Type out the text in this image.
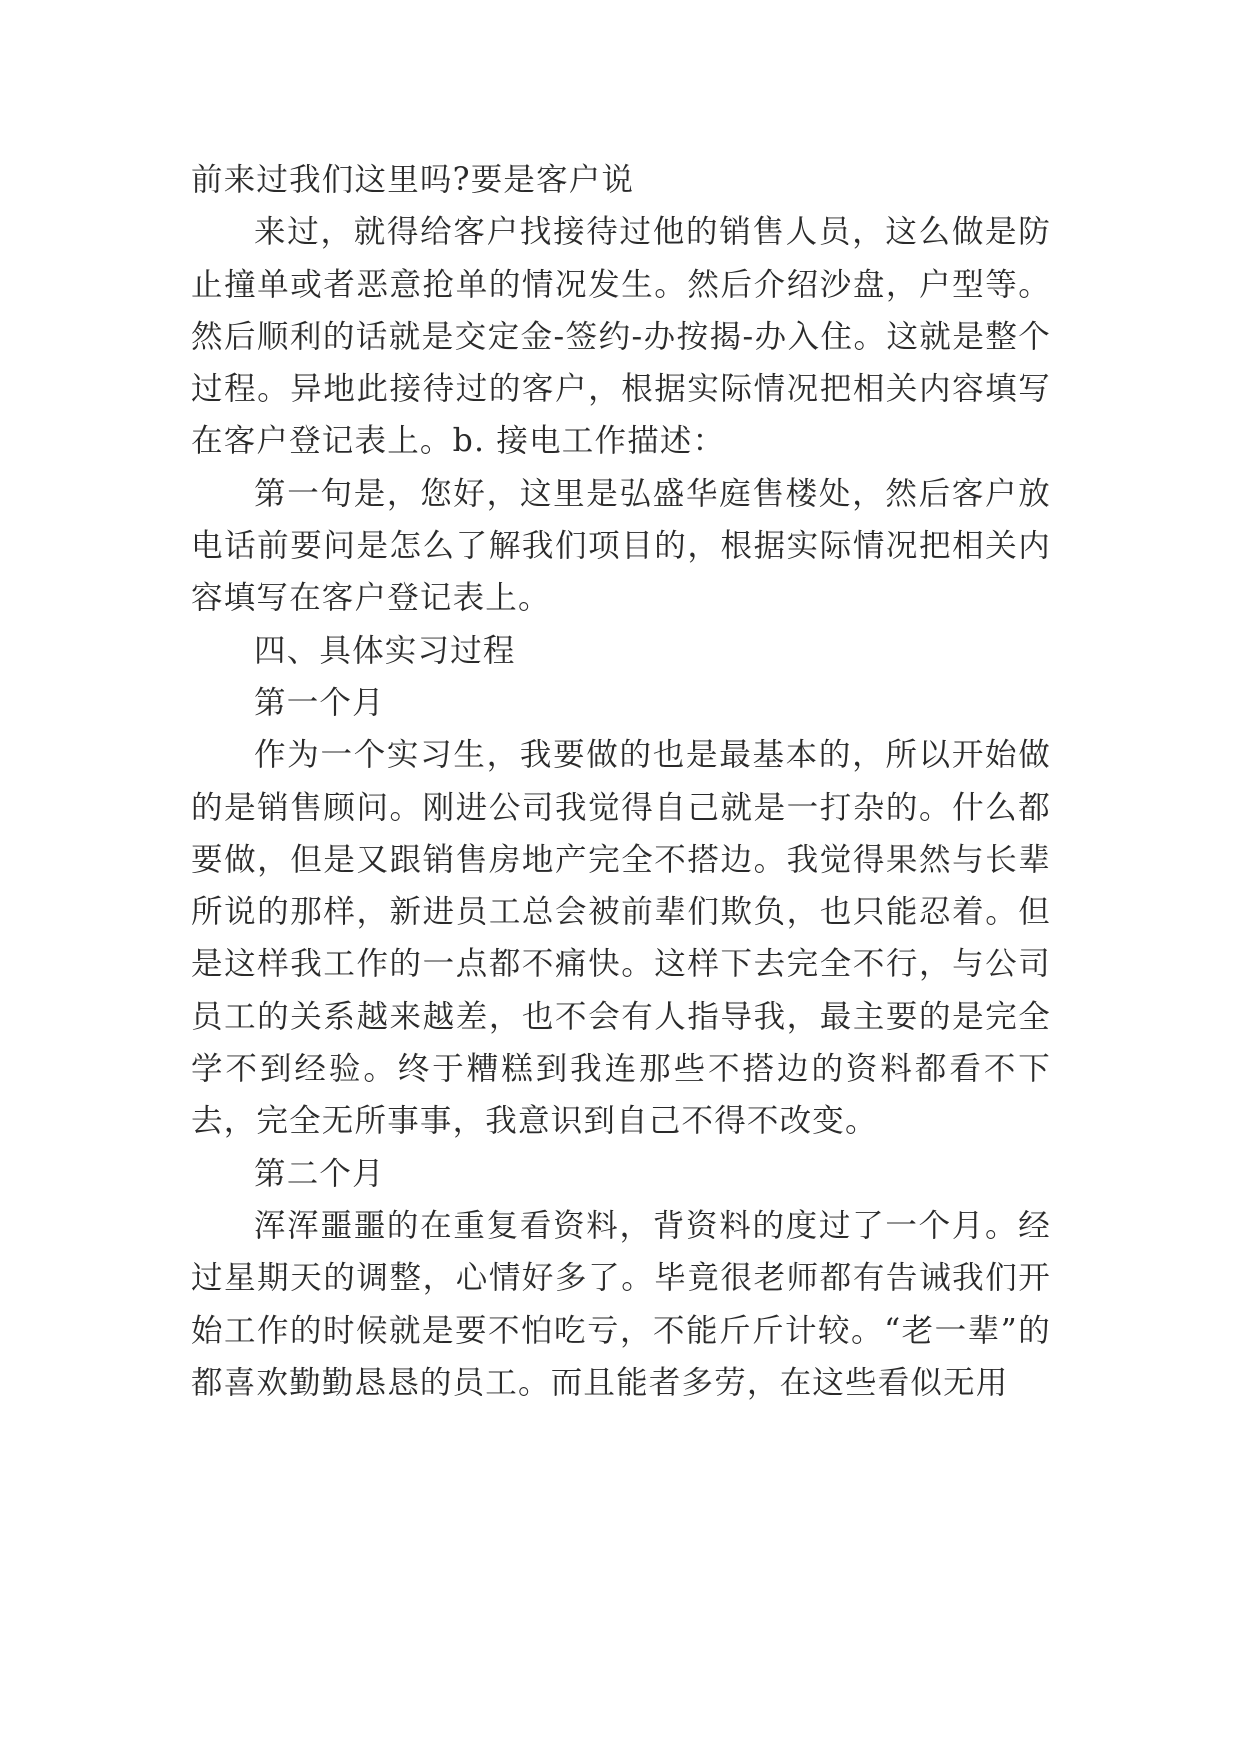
前来过我们这里吗?要是客户说

来过，就得给客户找接待过他的销售人员，这么做是防止撞单或者恶意抢单的情况发生。然后介绍沙盘，户型等。然后顺利的话就是交定金-签约-办按揭-办入住。这就是整个过程。异地此接待过的客户，根据实际情况把相关内容填写在客户登记表上。b. 接电工作描述：

第一句是，您好，这里是弘盛华庭售楼处，然后客户放电话前要问是怎么了解我们项目的，根据实际情况把相关内容填写在客户登记表上。

四、具体实习过程

第一个月

作为一个实习生，我要做的也是最基本的，所以开始做的是销售顾问。刚进公司我觉得自己就是一打杂的。什么都要做，但是又跟销售房地产完全不搭边。我觉得果然与长辈所说的那样，新进员工总会被前辈们欺负，也只能忍着。但是这样我工作的一点都不痛快。这样下去完全不行，与公司员工的关系越来越差，也不会有人指导我，最主要的是完全学不到经验。终于糟糕到我连那些不搭边的资料都看不下去，完全无所事事，我意识到自己不得不改变。

第二个月

浑浑噩噩的在重复看资料，背资料的度过了一个月。经过星期天的调整，心情好多了。毕竟很老师都有告诫我们开始工作的时候就是要不怕吃亏，不能斤斤计较。“老一辈”的都喜欢勤勤恳恳的员工。而且能者多劳，在这些看似无用
